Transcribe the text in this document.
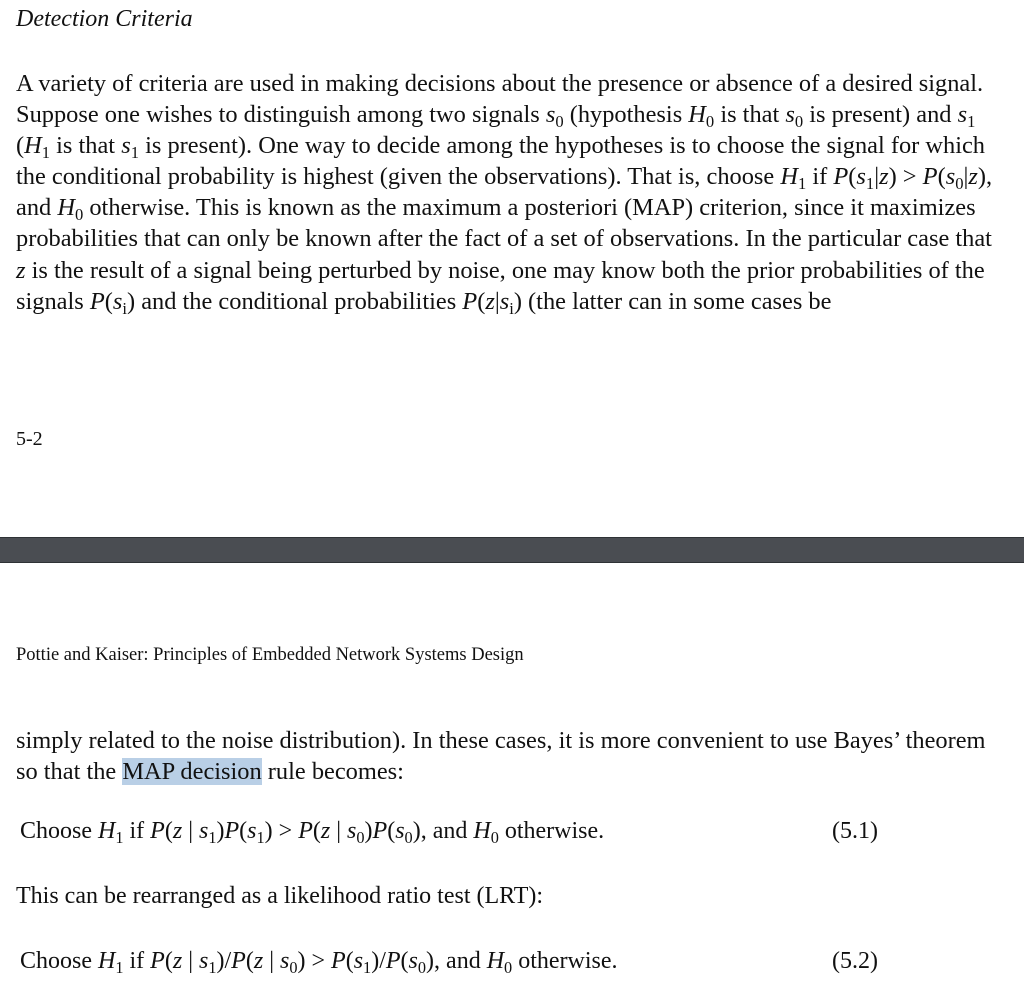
Detection Criteria

A variety of criteria are used in making decisions about the presence or absence of a desired signal. Suppose one wishes to distinguish among two signals $s_0$ (hypothesis $H_0$ is that $s_0$ is present) and $s_1$ ($H_1$ is that $s_1$ is present). One way to decide among the hypotheses is to choose the signal for which the conditional probability is highest (given the observations). That is, choose $H_1$ if $P(s_1|z) > P(s_0|z)$, and $H_0$ otherwise. This is known as the maximum a posteriori (MAP) criterion, since it maximizes probabilities that can only be known after the fact of a set of observations. In the particular case that z is the result of a signal being perturbed by noise, one may know both the prior probabilities of the signals $P(s_i)$ and the conditional probabilities $P(z|s_i)$ (the latter can in some cases be

5-2
Pottie and Kaiser: Principles of Embedded Network Systems Design

simply related to the noise distribution). In these cases, it is more convenient to use Bayes’ theorem so that the MAP decision rule becomes:

Choose $H_1$ if P(z | $s_1)P(s_1) > P(z$ | $s_0)P(s_0)$, and $H_0$ otherwise.	(5.1)
This can be rearranged as a likelihood ratio test (LRT):
Choose $H_1$ if P(z | $s_1)/P(z$ | $s_0) > P(s_1)/P(s_0)$, and $H_0$ otherwise.	(5.2)
